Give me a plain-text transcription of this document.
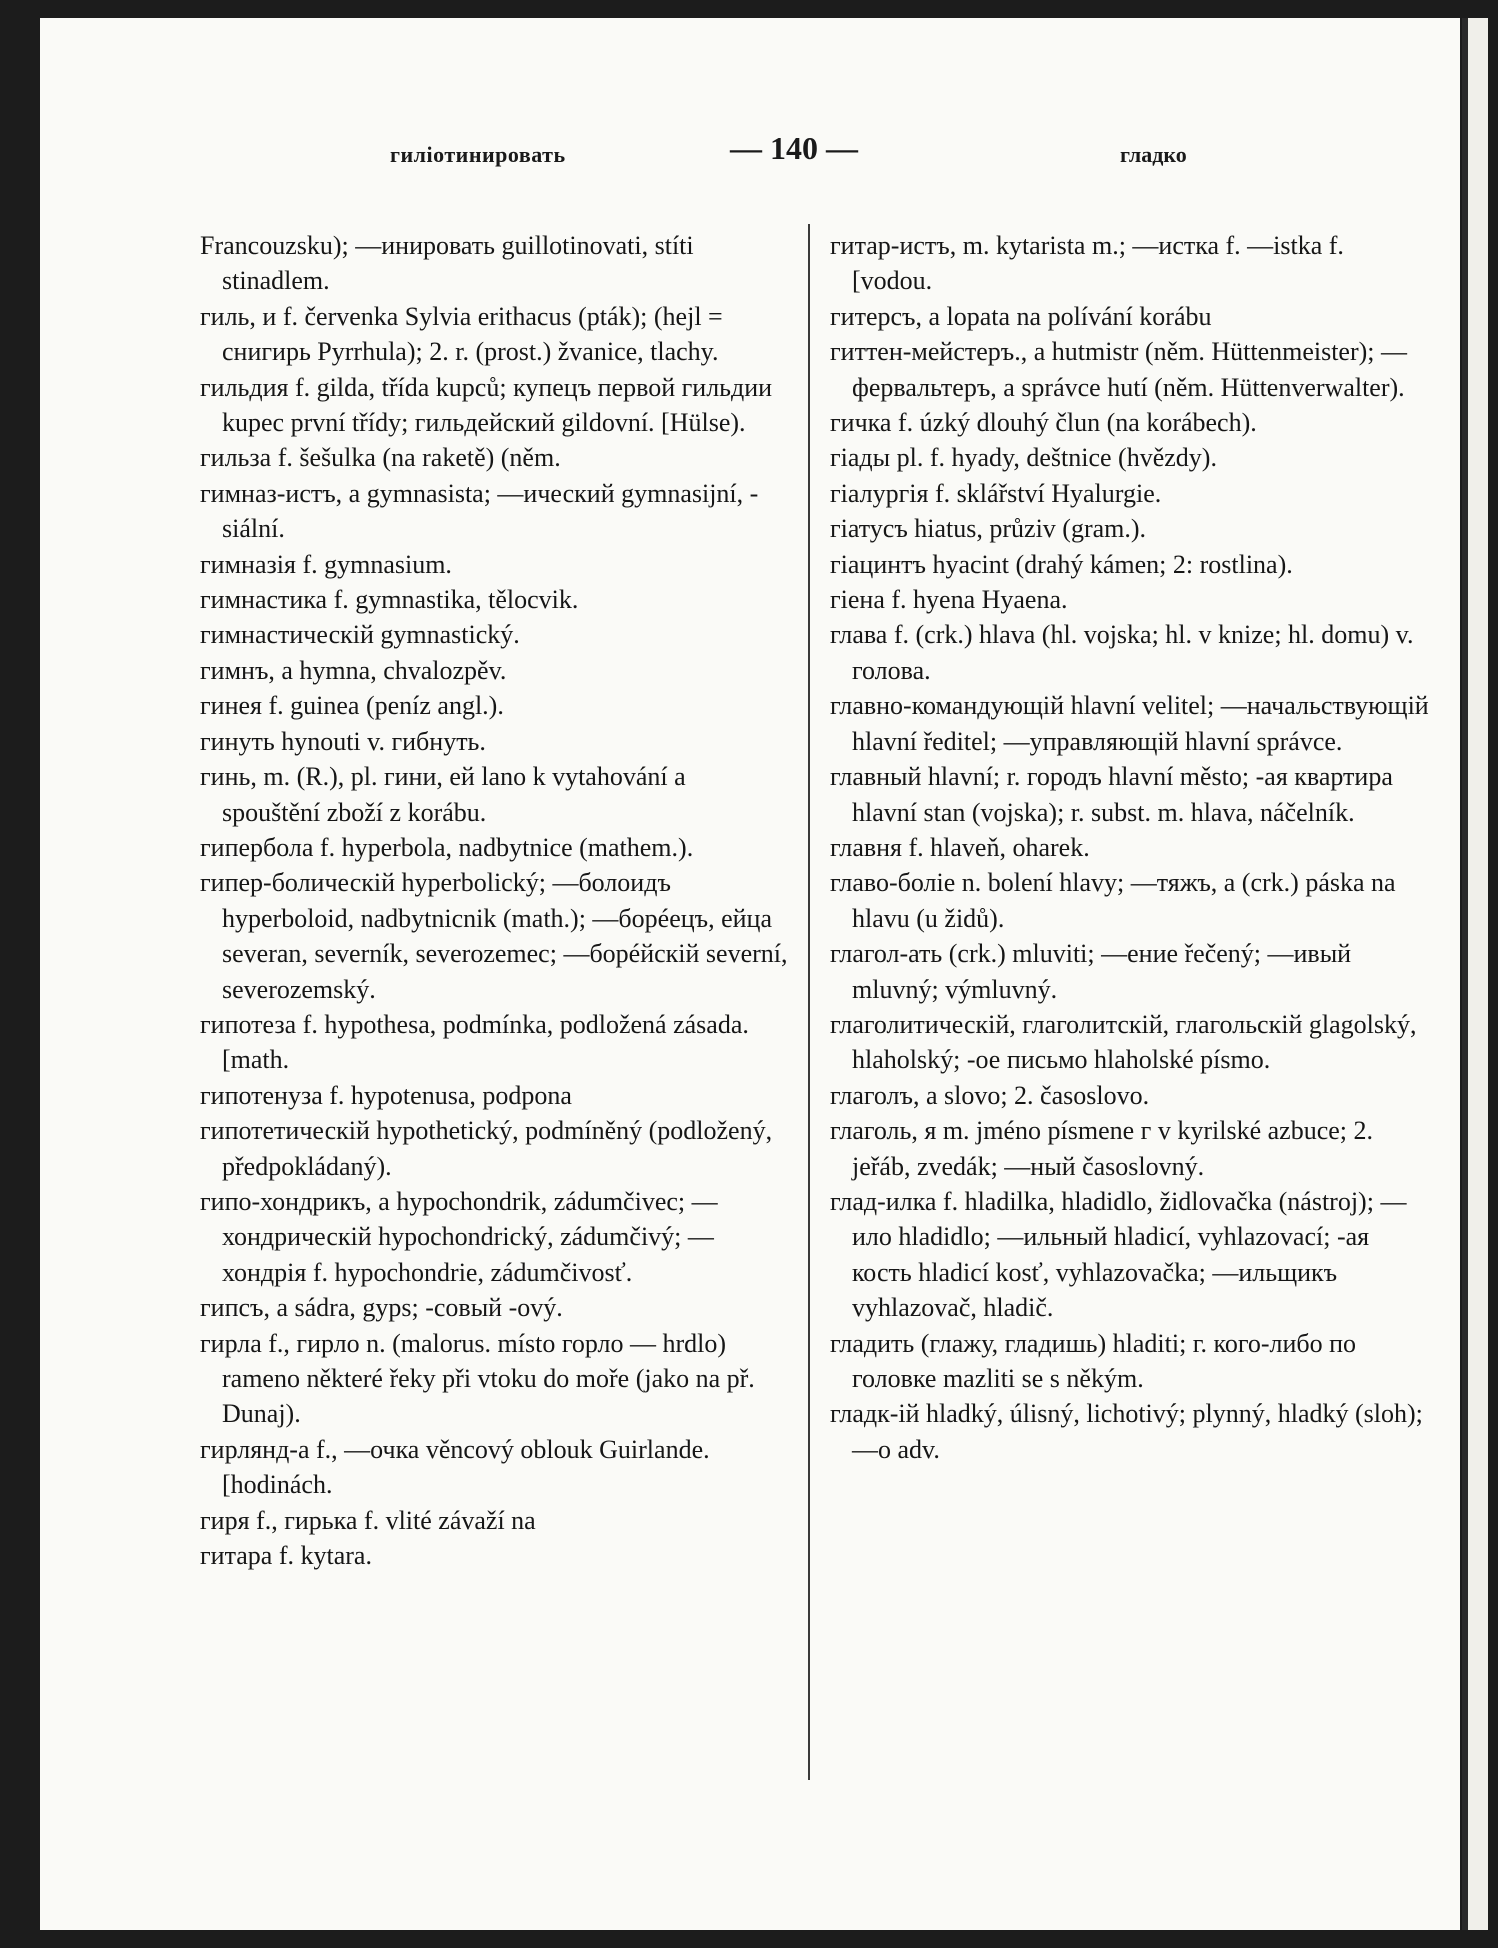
гилiотинировать	— 140 —	гладко
Francouzsku); —инировать guillotinovati, stíti stinadlem.
гиль, и f. červenka Sylvia erithacus (pták); (hejl = снигирь Pyrrhula); 2. r. (prost.) žvanice, tlachy.
гильдия f. gilda, třída kupců; купецъ первой гильдии kupec první třídy; гильдейский gildovní. [Hülse).
гильза f. šešulka (na raketě) (něm.
гимназ-истъ, a gymnasista; —ический gymnasijní, -siální.
гимназія f. gymnasium.
гимнастика f. gymnastika, tělocvik.
гимнастическій gymnastický.
гимнъ, a hymna, chvalozpěv.
гинея f. guinea (peníz angl.).
гинуть hynouti v. гибнуть.
гинь, m. (R.), pl. гини, ей lano k vytahování a spouštění zboží z korábu.
гипербола f. hyperbola, nadbytnice (mathem.).
гипер-болическій hyperbolický; —болоидъ hyperboloid, nadbytnicnik (math.); —борéецъ, ейца severan, severník, severozemec; —борéйскій severní, severozemský.
гипотеза f. hypothesa, podmínka, podložená zásada. [math.
гипотенуза f. hypotenusa, podpona
гипотетическій hypothetický, podmíněný (podložený, předpokládaný).
гипо-хондрикъ, a hypochondrik, zádumčivec; —хондрическій hypochondrický, zádumčivý; —хондрія f. hypochondrie, zádumčivosť.
гипсъ, a sádra, gyps; -совый -ový.
гирла f., гирло n. (malorus. místo горло — hrdlo) rameno některé řeky při vtoku do moře (jako na př. Dunaj).
гирлянд-а f., —очка věncový oblouk Guirlande. [hodinách.
гиря f., гирька f. vlité závaží na
гитара f. kytara.
гитар-истъ, m. kytarista m.; —истка f. —istka f. [vodou.
гитерсъ, a lopata na polívání korábu
гиттен-мейстеръ., a hutmistr (něm. Hüttenmeister); —фервальтеръ, a správce hutí (něm. Hüttenverwalter).
гичка f. úzký dlouhý člun (na korábech).
гiады pl. f. hyady, deštnice (hvězdy).
гiалургiя f. sklářství Hyalurgie.
гiатусъ hiatus, průziv (gram.).
гiацинтъ hyacint (drahý kámen; 2: rostlina).
гiена f. hyena Hyaena.
глава f. (crk.) hlava (hl. vojska; hl. v knize; hl. domu) v. голова.
главно-командующій hlavní velitel; —начальствующій hlavní ředitel; —управляющій hlavní správce.
главный hlavní; r. городъ hlavní město; -ая квартира hlavní stan (vojska); r. subst. m. hlava, náčelník.
главня f. hlaveň, oharek.
главо-болiе n. bolení hlavy; —тяжъ, a (crk.) páska na hlavu (u židů).
глагол-ать (crk.) mluviti; —ение řečený; —ивый mluvný; výmluvný.
глаголитическій, глаголитскій, глагольскій glagolský, hlaholský; -ое письмо hlaholské písmo.
глаголъ, a slovo; 2. časoslovo.
глаголь, я m. jméno písmene г v kyrilské azbuce; 2. jeřáb, zvedák; —ный časoslovný.
глад-илка f. hladilka, hladidlo, židlovačka (nástroj); —ило hladidlo; —ильный hladicí, vyhlazovací; -ая кость hladicí kosť, vyhlazovačka; —ильщикъ vyhlazovač, hladič.
гладить (глажу, гладишь) hladiti; г. кого-либо по головке mazliti se s někým.
гладк-iй hladký, úlisný, lichotivý; plynný, hladký (sloh); —о adv.
